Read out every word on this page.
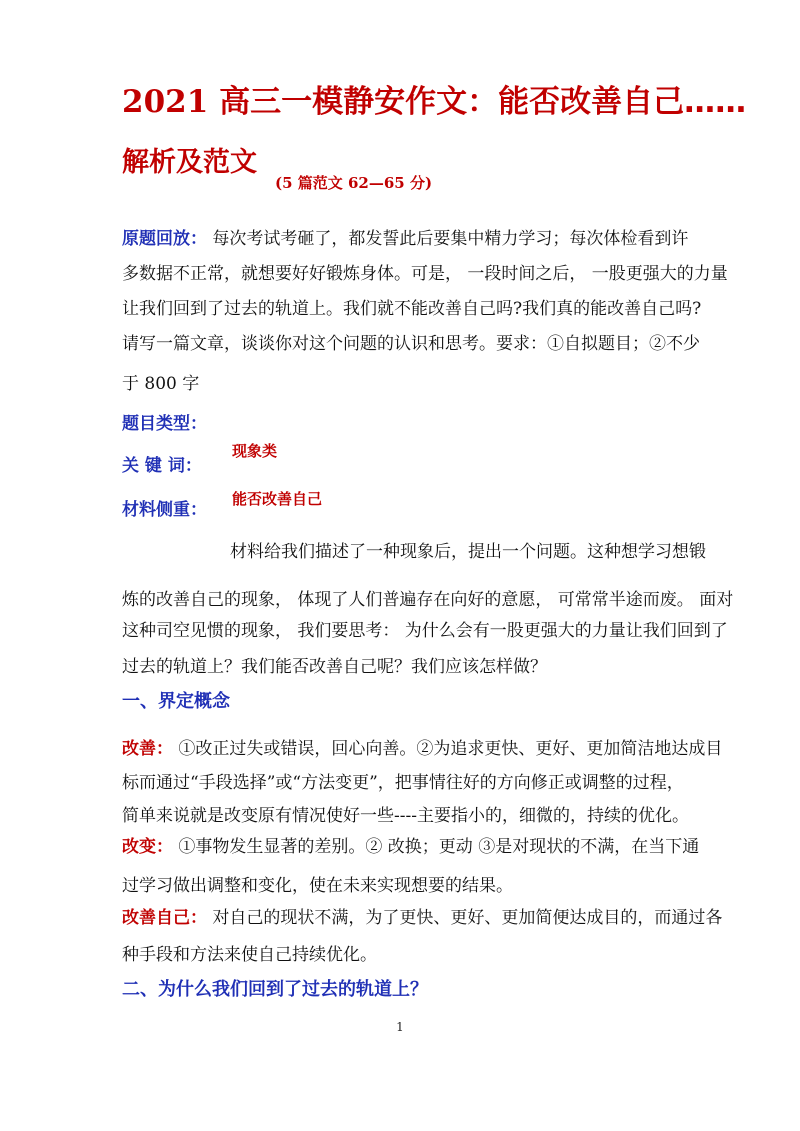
2021 高三一模静安作文：能否改善自己……
解析及范文
(5 篇范文 62—65 分)
原题回放： 每次考试考砸了，都发誓此后要集中精力学习；每次体检看到许
多数据不正常，就想要好好锻炼身体。可是， 一段时间之后， 一股更强大的力量
让我们回到了过去的轨道上。我们就不能改善自己吗?我们真的能改善自己吗?
请写一篇文章，谈谈你对这个问题的认识和思考。要求：①自拟题目；②不少
于 800 字
题目类型：
现象类
关 键 词：
能否改善自己
材料侧重：
材料给我们描述了一种现象后，提出一个问题。这种想学习想锻
炼的改善自己的现象， 体现了人们普遍存在向好的意愿， 可常常半途而废。 面对
这种司空见惯的现象， 我们要思考： 为什么会有一股更强大的力量让我们回到了
过去的轨道上？我们能否改善自己呢？我们应该怎样做？
一、界定概念
改善： ①改正过失或错误，回心向善。②为追求更快、更好、更加简洁地达成目
标而通过“手段选择”或“方法变更”，把事情往好的方向修正或调整的过程，
简单来说就是改变原有情况使好一些----主要指小的，细微的，持续的优化。
改变： ①事物发生显著的差别。② 改换；更动 ③是对现状的不满，在当下通
过学习做出调整和变化，使在未来实现想要的结果。
改善自己： 对自己的现状不满，为了更快、更好、更加简便达成目的，而通过各
种手段和方法来使自己持续优化。
二、为什么我们回到了过去的轨道上？
1
